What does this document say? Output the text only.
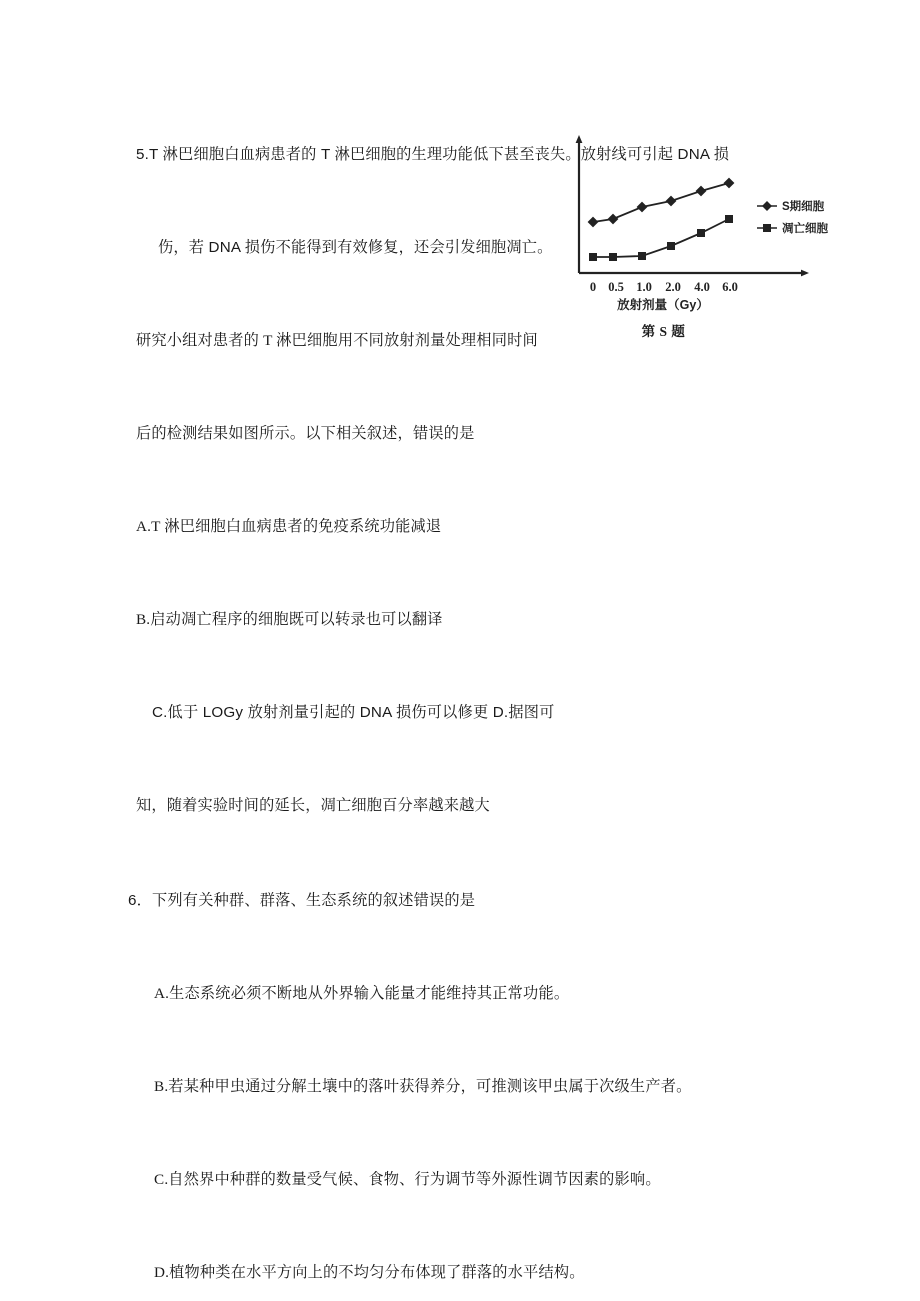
5.T 淋巴细胞白血病患者的 T 淋巴细胞的生理功能低下甚至丧失。放射线可引起 DNA 损

伤，若 DNA 损伤不能得到有效修复，还会引发细胞凋亡。

研究小组对患者的 T 淋巴细胞用不同放射剂量处理相同时间

后的检测结果如图所示。以下相关叙述，错误的是

A.T 淋巴细胞白血病患者的免疫系统功能减退

B.启动凋亡程序的细胞既可以转录也可以翻译

C.低于 LOGy 放射剂量引起的 DNA 损伤可以修更 D.据图可

知，随着实验时间的延长，凋亡细胞百分率越来越大

S期细胞
凋亡细胞
0 0.5 1.0 2.0 4.0 6.0
放射剂量（Gy）
第 S 题

6．下列有关种群、群落、生态系统的叙述错误的是

A.生态系统必须不断地从外界输入能量才能维持其正常功能。

B.若某种甲虫通过分解土壤中的落叶获得养分，可推测该甲虫属于次级生产者。

C.自然界中种群的数量受气候、食物、行为调节等外源性调节因素的影响。

D.植物种类在水平方向上的不均匀分布体现了群落的水平结构。
